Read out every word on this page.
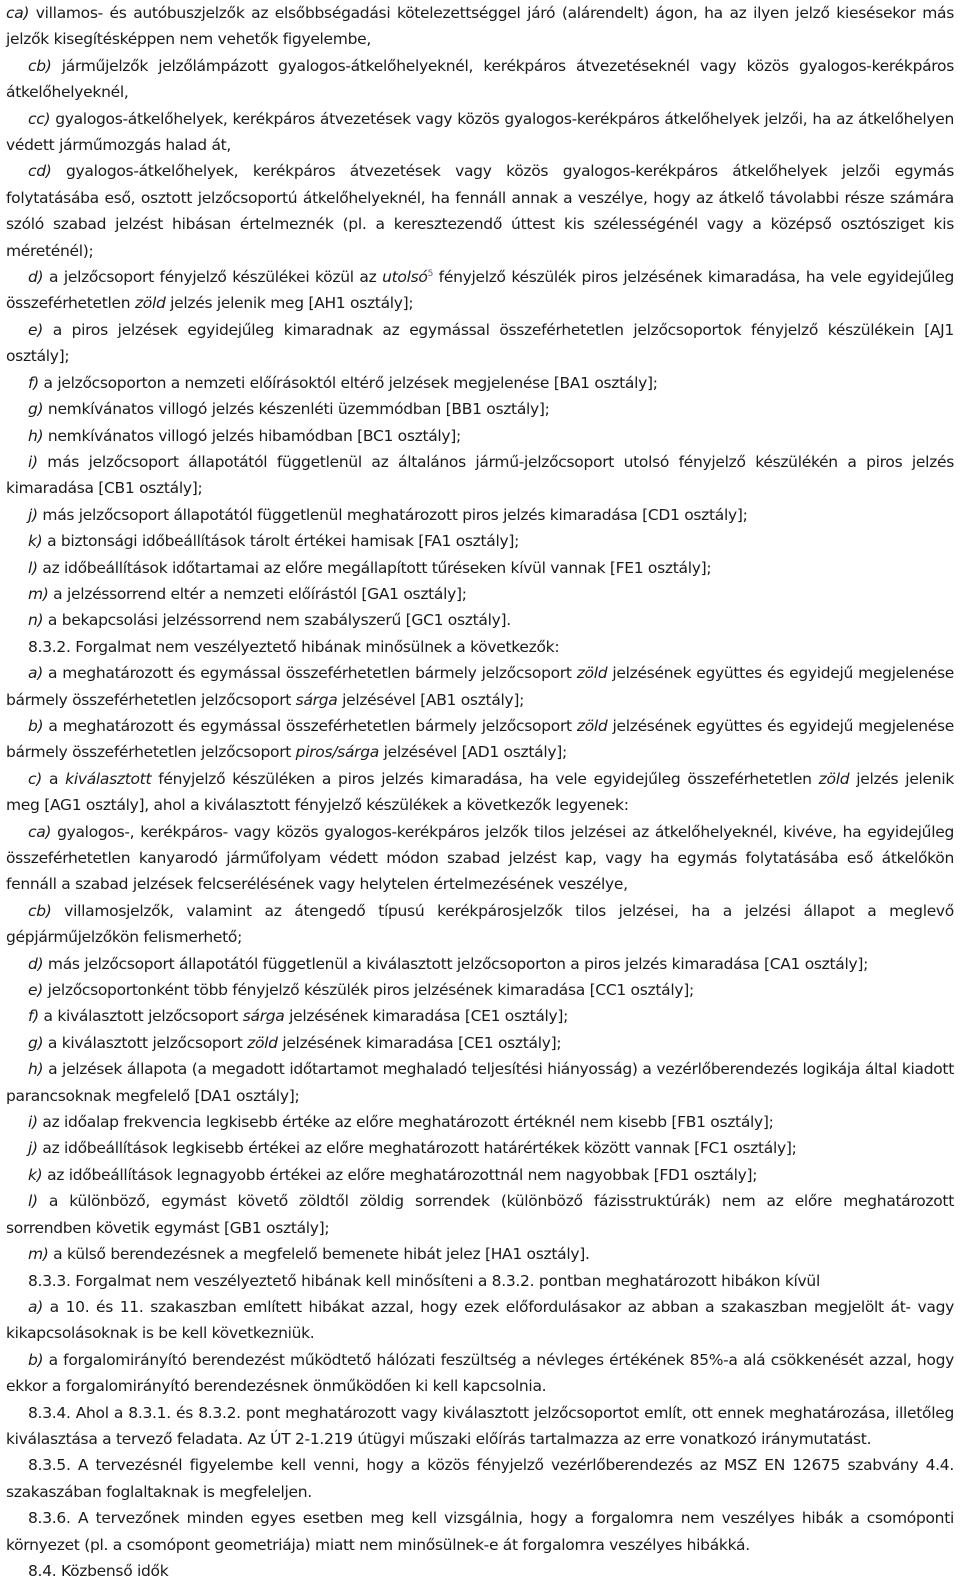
ca) villamos- és autóbuszjelzők az elsőbbségadási kötelezettséggel járó (alárendelt) ágon, ha az ilyen jelző kiesésekor más jelzők kisegítésképpen nem vehetők figyelembe,

cb) járműjelzők jelzőlámpázott gyalogos-átkelőhelyeknél, kerékpáros átvezetéseknél vagy közös gyalogos-kerékpáros átkelőhelyeknél,

cc) gyalogos-átkelőhelyek, kerékpáros átvezetések vagy közös gyalogos-kerékpáros átkelőhelyek jelzői, ha az átkelőhelyen védett járműmozgás halad át,

cd) gyalogos-átkelőhelyek, kerékpáros átvezetések vagy közös gyalogos-kerékpáros átkelőhelyek jelzői egymás folytatásába eső, osztott jelzőcsoportú átkelőhelyeknél, ha fennáll annak a veszélye, hogy az átkelő távolabbi része számára szóló szabad jelzést hibásan értelmeznék (pl. a keresztezendő úttest kis szélességénél vagy a középső osztósziget kis méreténél);

d) a jelzőcsoport fényjelző készülékei közül az utolsó$^5$ fényjelző készülék piros jelzésének kimaradása, ha vele egyidejűleg összeférhetetlen zöld jelzés jelenik meg [AH1 osztály];

e) a piros jelzések egyidejűleg kimaradnak az egymással összeférhetetlen jelzőcsoportok fényjelző készülékein [AJ1 osztály];

f) a jelzőcsoporton a nemzeti előírásoktól eltérő jelzések megjelenése [BA1 osztály];

g) nemkívánatos villogó jelzés készenléti üzemmódban [BB1 osztály];

h) nemkívánatos villogó jelzés hibamódban [BC1 osztály];

i) más jelzőcsoport állapotától függetlenül az általános jármű-jelzőcsoport utolsó fényjelző készülékén a piros jelzés kimaradása [CB1 osztály];

j) más jelzőcsoport állapotától függetlenül meghatározott piros jelzés kimaradása [CD1 osztály];

k) a biztonsági időbeállítások tárolt értékei hamisak [FA1 osztály];

l) az időbeállítások időtartamai az előre megállapított tűréseken kívül vannak [FE1 osztály];

m) a jelzéssorrend eltér a nemzeti előírástól [GA1 osztály];

n) a bekapcsolási jelzéssorrend nem szabályszerű [GC1 osztály].

8.3.2. Forgalmat nem veszélyeztető hibának minősülnek a következők:

a) a meghatározott és egymással összeférhetetlen bármely jelzőcsoport zöld jelzésének együttes és egyidejű megjelenése bármely összeférhetetlen jelzőcsoport sárga jelzésével [AB1 osztály];

b) a meghatározott és egymással összeférhetetlen bármely jelzőcsoport zöld jelzésének együttes és egyidejű megjelenése bármely összeférhetetlen jelzőcsoport piros/sárga jelzésével [AD1 osztály];

c) a kiválasztott fényjelző készüléken a piros jelzés kimaradása, ha vele egyidejűleg összeférhetetlen zöld jelzés jelenik meg [AG1 osztály], ahol a kiválasztott fényjelző készülékek a következők legyenek:

ca) gyalogos-, kerékpáros- vagy közös gyalogos-kerékpáros jelzők tilos jelzései az átkelőhelyeknél, kivéve, ha egyidejűleg összeférhetetlen kanyarodó járműfolyam védett módon szabad jelzést kap, vagy ha egymás folytatásába eső átkelőkön fennáll a szabad jelzések felcserélésének vagy helytelen értelmezésének veszélye,

cb) villamosjelzők, valamint az átengedő típusú kerékpárosjelzők tilos jelzései, ha a jelzési állapot a meglevő gépjárműjelzőkön felismerhető;

d) más jelzőcsoport állapotától függetlenül a kiválasztott jelzőcsoporton a piros jelzés kimaradása [CA1 osztály];

e) jelzőcsoportonként több fényjelző készülék piros jelzésének kimaradása [CC1 osztály];

f) a kiválasztott jelzőcsoport sárga jelzésének kimaradása [CE1 osztály];

g) a kiválasztott jelzőcsoport zöld jelzésének kimaradása [CE1 osztály];

h) a jelzések állapota (a megadott időtartamot meghaladó teljesítési hiányosság) a vezérlőberendezés logikája által kiadott parancsoknak megfelelő [DA1 osztály];

i) az időalap frekvencia legkisebb értéke az előre meghatározott értéknél nem kisebb [FB1 osztály];

j) az időbeállítások legkisebb értékei az előre meghatározott határértékek között vannak [FC1 osztály];

k) az időbeállítások legnagyobb értékei az előre meghatározottnál nem nagyobbak [FD1 osztály];

l) a különböző, egymást követő zöldtől zöldig sorrendek (különböző fázisstruktúrák) nem az előre meghatározott sorrendben követik egymást [GB1 osztály];

m) a külső berendezésnek a megfelelő bemenete hibát jelez [HA1 osztály].

8.3.3. Forgalmat nem veszélyeztető hibának kell minősíteni a 8.3.2. pontban meghatározott hibákon kívül

a) a 10. és 11. szakaszban említett hibákat azzal, hogy ezek előfordulásakor az abban a szakaszban megjelölt át- vagy kikapcsolásoknak is be kell következniük.

b) a forgalomirányító berendezést működtető hálózati feszültség a névleges értékének 85%-a alá csökkenését azzal, hogy ekkor a forgalomirányító berendezésnek önműködően ki kell kapcsolnia.

8.3.4. Ahol a 8.3.1. és 8.3.2. pont meghatározott vagy kiválasztott jelzőcsoportot említ, ott ennek meghatározása, illetőleg kiválasztása a tervező feladata. Az ÚT 2-1.219 útügyi műszaki előírás tartalmazza az erre vonatkozó iránymutatást.

8.3.5. A tervezésnél figyelembe kell venni, hogy a közös fényjelző vezérlőberendezés az MSZ EN 12675 szabvány 4.4. szakaszában foglaltaknak is megfeleljen.

8.3.6. A tervezőnek minden egyes esetben meg kell vizsgálnia, hogy a forgalomra nem veszélyes hibák a csomóponti környezet (pl. a csomópont geometriája) miatt nem minősülnek-e át forgalomra veszélyes hibákká.

8.4. Közbenső idők
